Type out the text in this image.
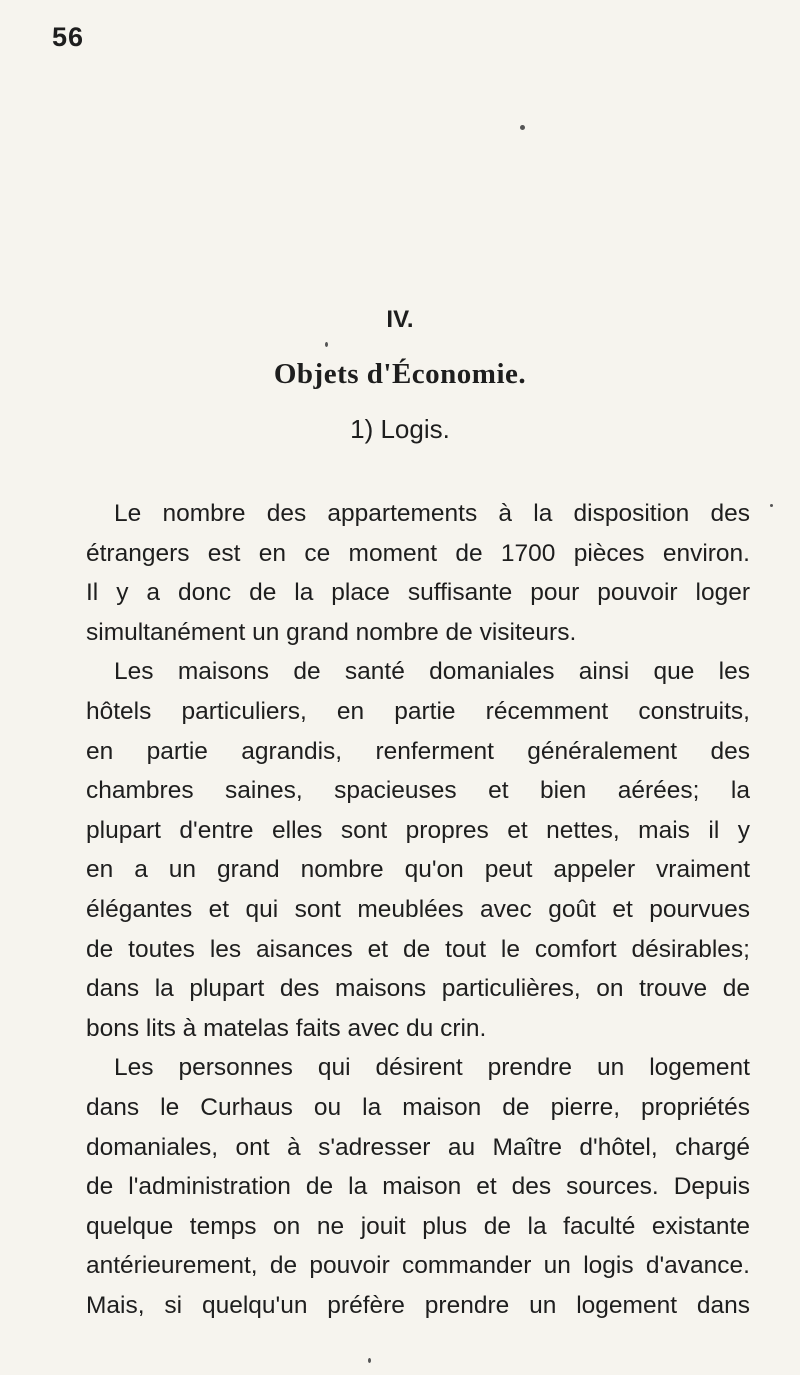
56
IV.
Objets d'Économie.
1) Logis.
Le nombre des appartements à la disposition des
étrangers est en ce moment de 1700 pièces environ.
Il y a donc de la place suffisante pour pouvoir loger
simultanément un grand nombre de visiteurs.
Les maisons de santé domaniales ainsi que les
hôtels particuliers, en partie récemment construits,
en partie agrandis, renferment généralement des
chambres saines, spacieuses et bien aérées; la
plupart d'entre elles sont propres et nettes, mais il y
en a un grand nombre qu'on peut appeler vraiment
élégantes et qui sont meublées avec goût et pourvues
de toutes les aisances et de tout le comfort désirables;
dans la plupart des maisons particulières, on trouve de
bons lits à matelas faits avec du crin.
Les personnes qui désirent prendre un logement
dans le Curhaus ou la maison de pierre, propriétés
domaniales, ont à s'adresser au Maître d'hôtel, chargé
de l'administration de la maison et des sources. Depuis
quelque temps on ne jouit plus de la faculté existante
antérieurement, de pouvoir commander un logis d'avance.
Mais, si quelqu'un préfère prendre un logement dans
